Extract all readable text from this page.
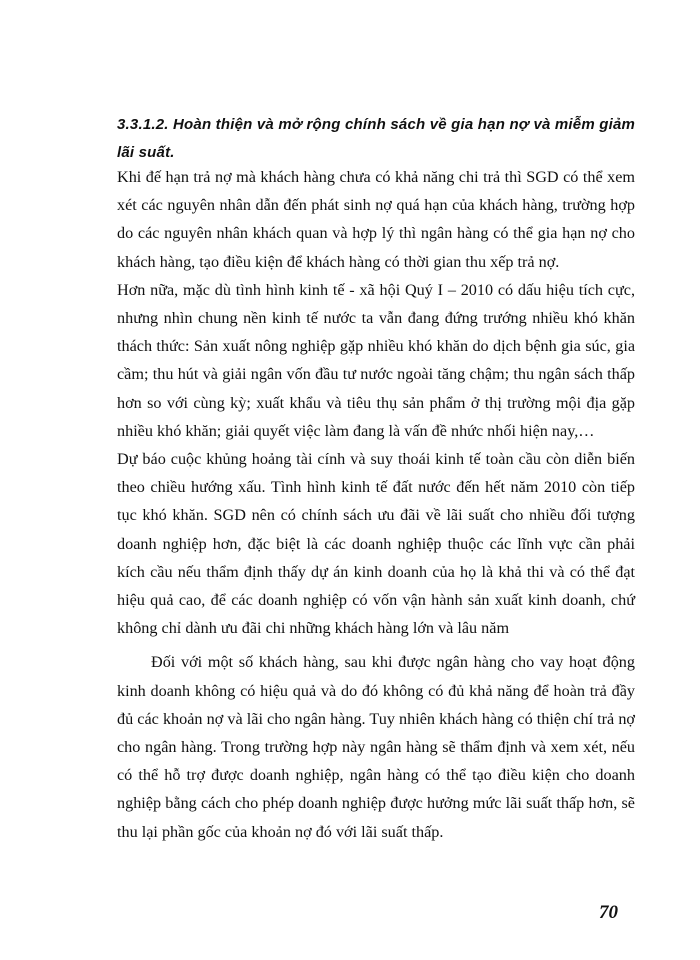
3.3.1.2. Hoàn thiện và mở rộng chính sách về gia hạn nợ và miễm giảm lãi suất.

Khi đế hạn trả nợ mà khách hàng chưa có khả năng chi trả thì SGD có thể xem xét các nguyên nhân dẫn đến phát sinh nợ quá hạn của khách hàng, trường hợp do các nguyên nhân khách quan và hợp lý thì ngân hàng có thể gia hạn nợ cho khách hàng, tạo điều kiện để khách hàng có thời gian thu xếp trả nợ.

Hơn nữa, mặc dù tình hình kinh tế - xã hội Quý I – 2010 có dấu hiệu tích cực, nhưng nhìn chung nền kinh tế nước ta vẫn đang đứng trướng nhiều khó khăn thách thức: Sản xuất nông nghiệp gặp nhiều khó khăn do dịch bệnh gia súc, gia cầm; thu hút và giải ngân vốn đầu tư nước ngoài tăng chậm; thu ngân sách thấp hơn so với cùng kỳ; xuất khẩu và tiêu thụ sản phẩm ở thị trường mội địa gặp nhiều khó khăn; giải quyết việc làm đang là vấn đề nhức nhối hiện nay,…

Dự báo cuộc khủng hoảng tài cính và suy thoái kinh tế toàn cầu còn diễn biến theo chiều hướng xấu. Tình hình kinh tế đất nước đến hết năm 2010 còn tiếp tục khó khăn. SGD nên có chính sách ưu đãi về lãi suất cho nhiều đối tượng doanh nghiệp hơn, đặc biệt là các doanh nghiệp thuộc các lĩnh vực cần phải kích cầu nếu thẩm định thấy dự án kinh doanh của họ là khả thi và có thể đạt hiệu quả cao, để các doanh nghiệp có vốn vận hành sản xuất kinh doanh, chứ không chỉ dành ưu đãi chi những khách hàng lớn và lâu năm

Đối với một số khách hàng, sau khi được ngân hàng cho vay hoạt động kinh doanh không có hiệu quả và do đó không có đủ khả năng để hoàn trả đầy đủ các khoản nợ và lãi cho ngân hàng. Tuy nhiên khách hàng có thiện chí trả nợ cho ngân hàng. Trong trường hợp này ngân hàng sẽ thẩm định và xem xét, nếu có thể hỗ trợ được doanh nghiệp, ngân hàng có thể tạo điều kiện cho doanh nghiệp bằng cách cho phép doanh nghiệp được hưởng mức lãi suất thấp hơn, sẽ thu lại phần gốc của khoản nợ đó với lãi suất thấp.

70
